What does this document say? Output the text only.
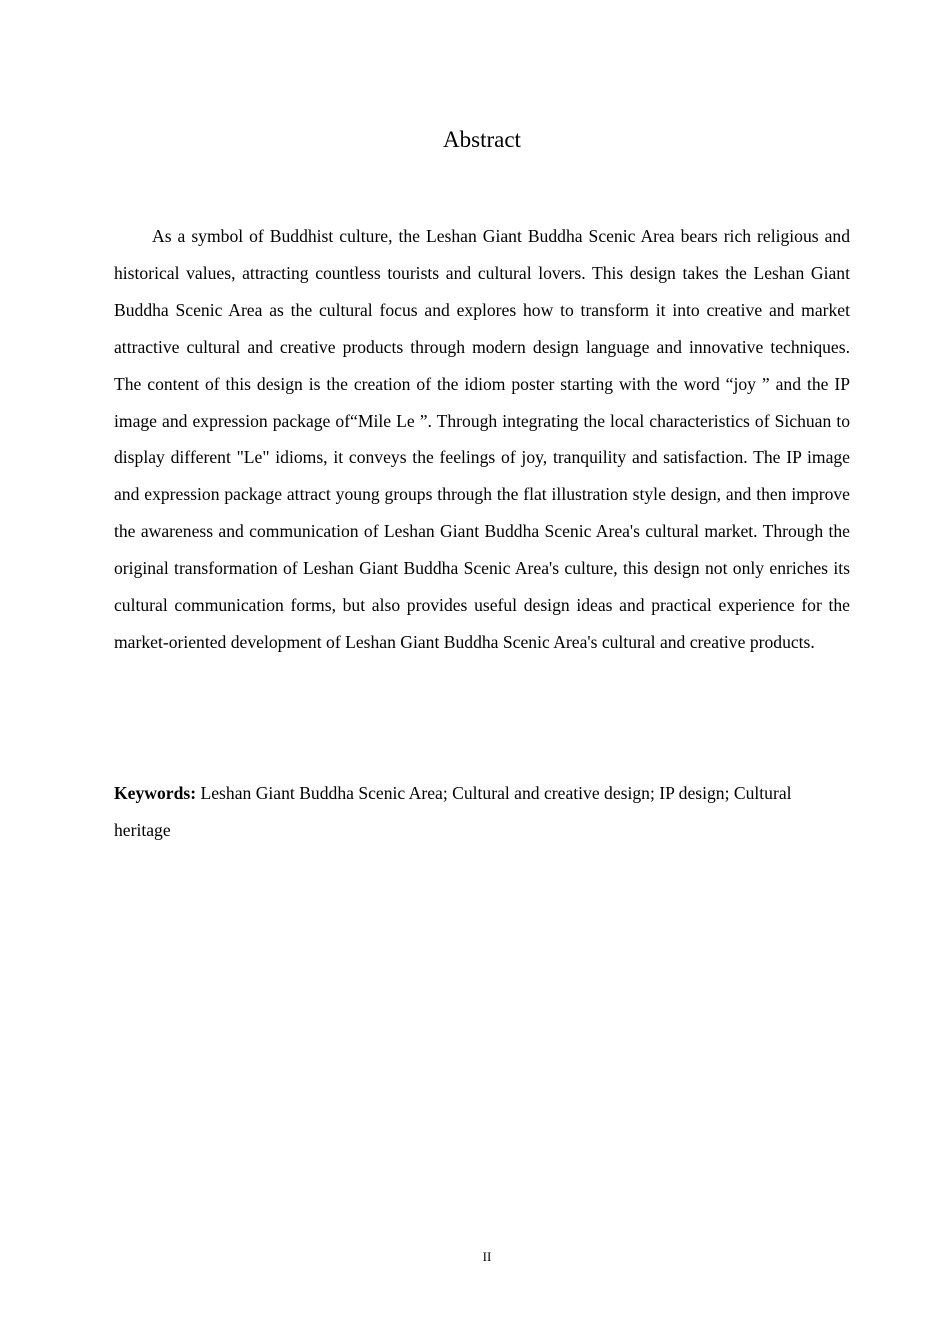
Abstract

As a symbol of Buddhist culture, the Leshan Giant Buddha Scenic Area bears rich religious and historical values, attracting countless tourists and cultural lovers. This design takes the Leshan Giant Buddha Scenic Area as the cultural focus and explores how to transform it into creative and market attractive cultural and creative products through modern design language and innovative techniques. The content of this design is the creation of the idiom poster starting with the word “joy ” and the IP image and expression package of“Mile Le ”. Through integrating the local characteristics of Sichuan to display different "Le" idioms, it conveys the feelings of joy, tranquility and satisfaction. The IP image and expression package attract young groups through the flat illustration style design, and then improve the awareness and communication of Leshan Giant Buddha Scenic Area's cultural market. Through the original transformation of Leshan Giant Buddha Scenic Area's culture, this design not only enriches its cultural communication forms, but also provides useful design ideas and practical experience for the market-oriented development of Leshan Giant Buddha Scenic Area's cultural and creative products.

Keywords: Leshan Giant Buddha Scenic Area; Cultural and creative design; IP design; Cultural heritage

II
